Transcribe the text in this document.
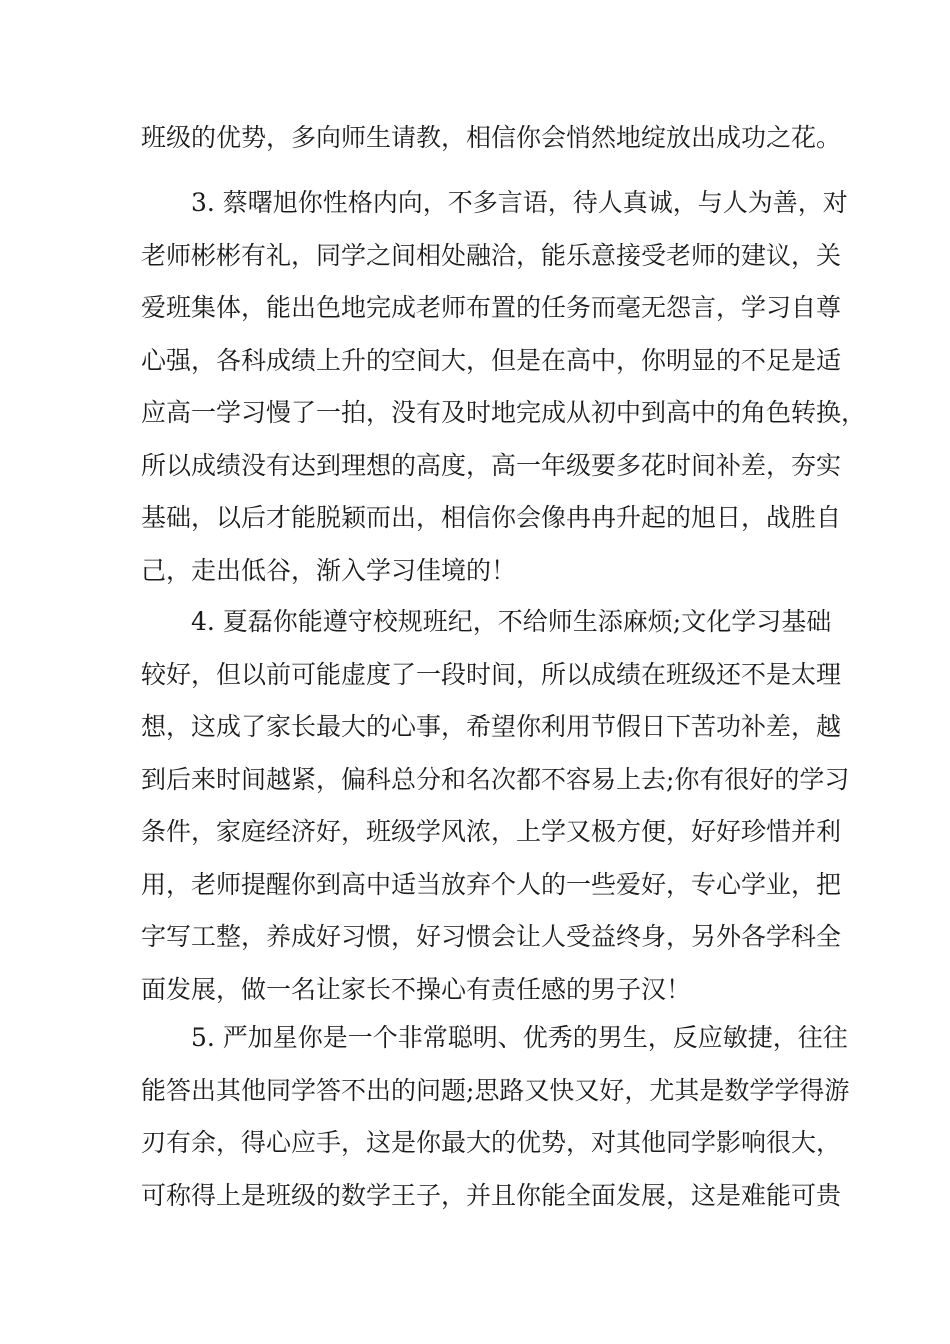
班级的优势，多向师生请教，相信你会悄然地绽放出成功之花。
3. 蔡曙旭你性格内向，不多言语，待人真诚，与人为善，对
老师彬彬有礼，同学之间相处融洽，能乐意接受老师的建议，关
爱班集体，能出色地完成老师布置的任务而毫无怨言，学习自尊
心强，各科成绩上升的空间大，但是在高中，你明显的不足是适
应高一学习慢了一拍，没有及时地完成从初中到高中的角色转换，
所以成绩没有达到理想的高度，高一年级要多花时间补差，夯实
基础，以后才能脱颖而出，相信你会像冉冉升起的旭日，战胜自
己，走出低谷，渐入学习佳境的！
4. 夏磊你能遵守校规班纪，不给师生添麻烦;文化学习基础
较好，但以前可能虚度了一段时间，所以成绩在班级还不是太理
想，这成了家长最大的心事，希望你利用节假日下苦功补差，越
到后来时间越紧，偏科总分和名次都不容易上去;你有很好的学习
条件，家庭经济好，班级学风浓，上学又极方便，好好珍惜并利
用，老师提醒你到高中适当放弃个人的一些爱好，专心学业，把
字写工整，养成好习惯，好习惯会让人受益终身，另外各学科全
面发展，做一名让家长不操心有责任感的男子汉！
5. 严加星你是一个非常聪明、优秀的男生，反应敏捷，往往
能答出其他同学答不出的问题;思路又快又好，尤其是数学学得游
刃有余，得心应手，这是你最大的优势，对其他同学影响很大，
可称得上是班级的数学王子，并且你能全面发展，这是难能可贵
